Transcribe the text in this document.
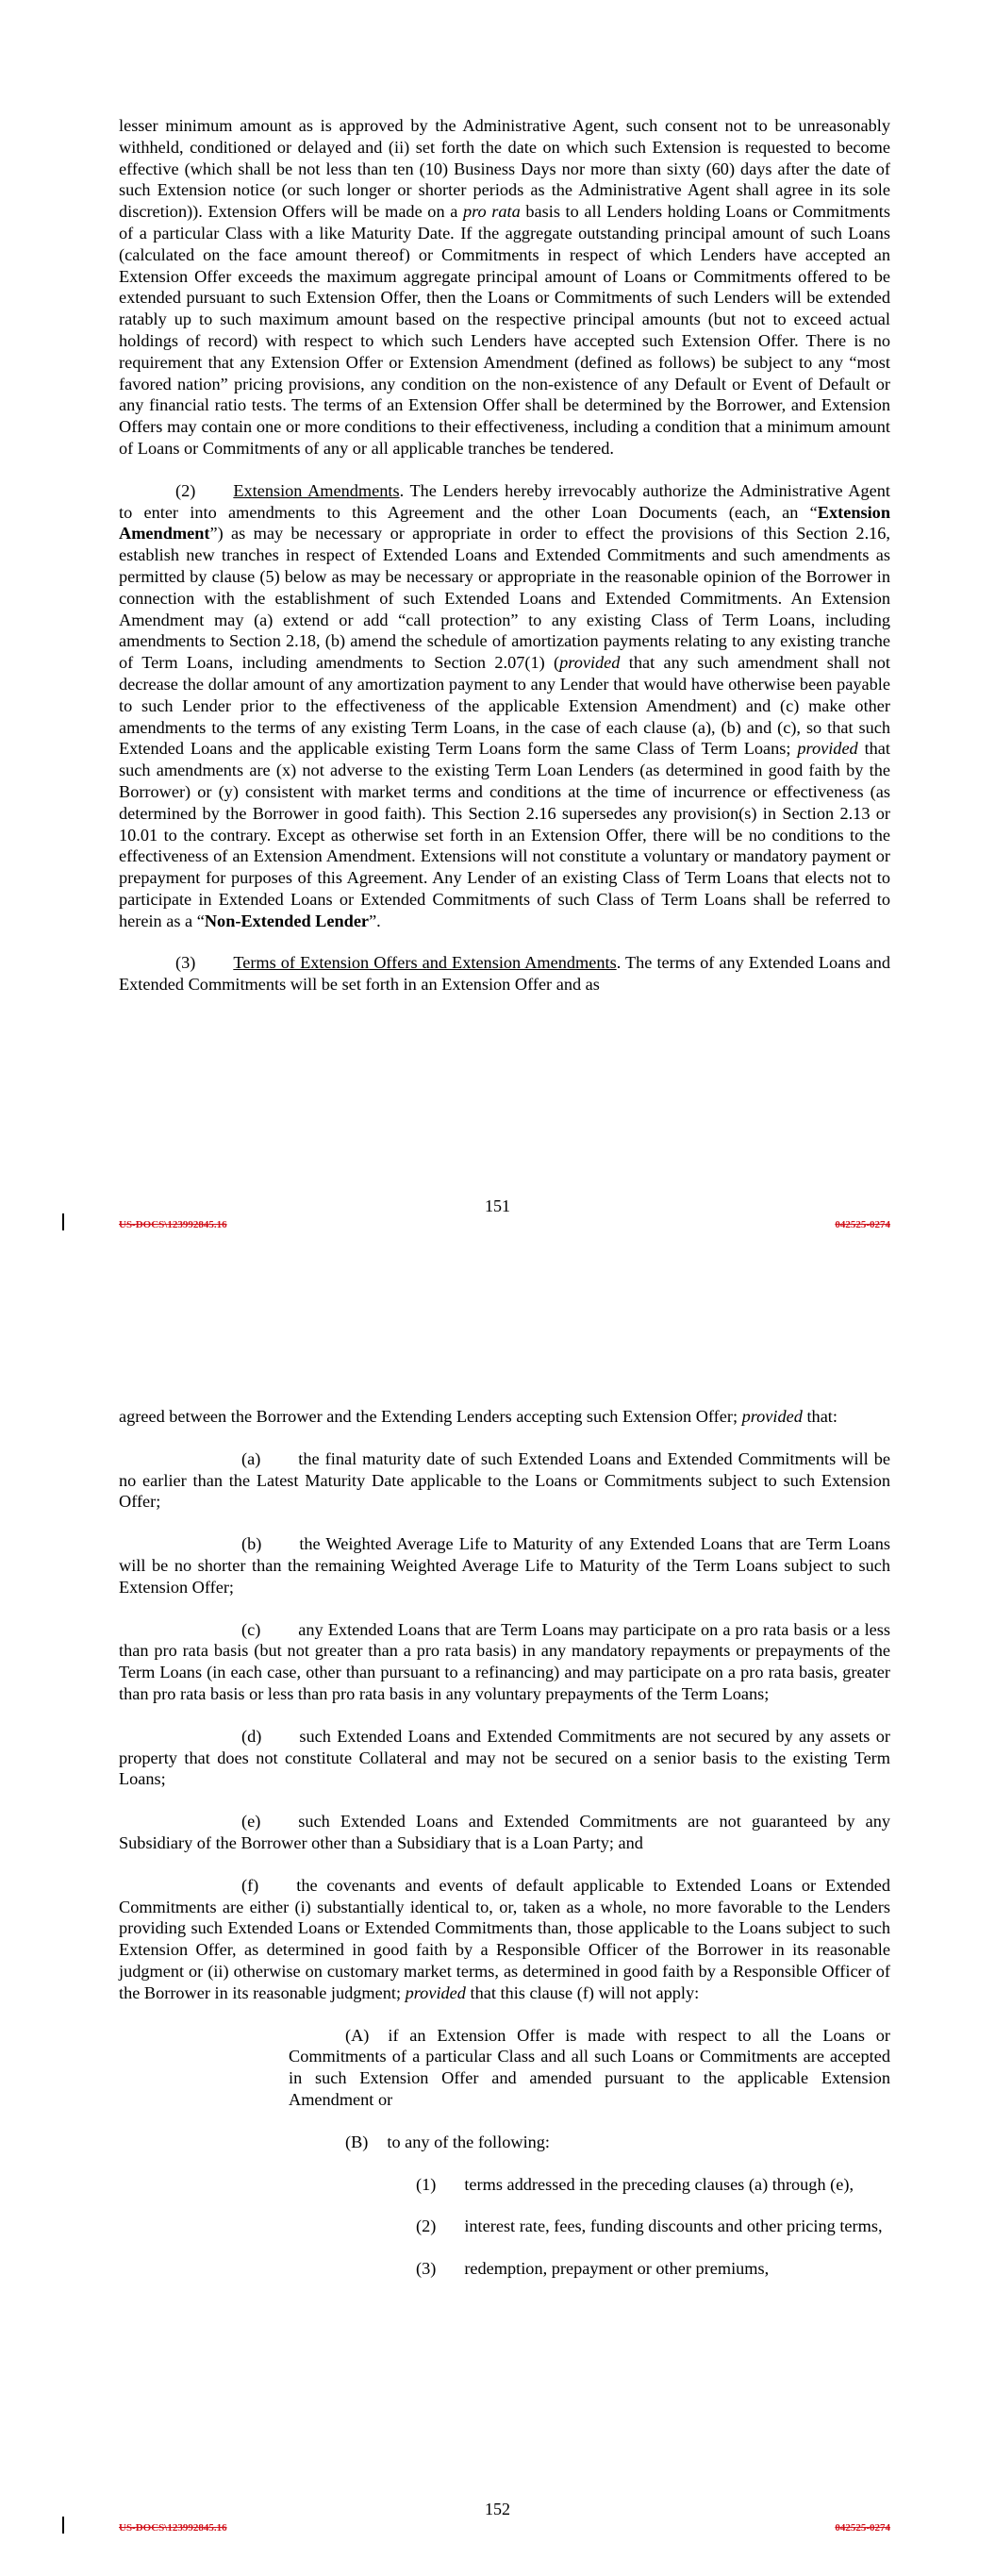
lesser minimum amount as is approved by the Administrative Agent, such consent not to be unreasonably withheld, conditioned or delayed and (ii) set forth the date on which such Extension is requested to become effective (which shall be not less than ten (10) Business Days nor more than sixty (60) days after the date of such Extension notice (or such longer or shorter periods as the Administrative Agent shall agree in its sole discretion)). Extension Offers will be made on a pro rata basis to all Lenders holding Loans or Commitments of a particular Class with a like Maturity Date. If the aggregate outstanding principal amount of such Loans (calculated on the face amount thereof) or Commitments in respect of which Lenders have accepted an Extension Offer exceeds the maximum aggregate principal amount of Loans or Commitments offered to be extended pursuant to such Extension Offer, then the Loans or Commitments of such Lenders will be extended ratably up to such maximum amount based on the respective principal amounts (but not to exceed actual holdings of record) with respect to which such Lenders have accepted such Extension Offer. There is no requirement that any Extension Offer or Extension Amendment (defined as follows) be subject to any “most favored nation” pricing provisions, any condition on the non-existence of any Default or Event of Default or any financial ratio tests. The terms of an Extension Offer shall be determined by the Borrower, and Extension Offers may contain one or more conditions to their effectiveness, including a condition that a minimum amount of Loans or Commitments of any or all applicable tranches be tendered.

(2) Extension Amendments. The Lenders hereby irrevocably authorize the Administrative Agent to enter into amendments to this Agreement and the other Loan Documents (each, an “Extension Amendment”) as may be necessary or appropriate in order to effect the provisions of this Section 2.16, establish new tranches in respect of Extended Loans and Extended Commitments and such amendments as permitted by clause (5) below as may be necessary or appropriate in the reasonable opinion of the Borrower in connection with the establishment of such Extended Loans and Extended Commitments. An Extension Amendment may (a) extend or add “call protection” to any existing Class of Term Loans, including amendments to Section 2.18, (b) amend the schedule of amortization payments relating to any existing tranche of Term Loans, including amendments to Section 2.07(1) (provided that any such amendment shall not decrease the dollar amount of any amortization payment to any Lender that would have otherwise been payable to such Lender prior to the effectiveness of the applicable Extension Amendment) and (c) make other amendments to the terms of any existing Term Loans, in the case of each clause (a), (b) and (c), so that such Extended Loans and the applicable existing Term Loans form the same Class of Term Loans; provided that such amendments are (x) not adverse to the existing Term Loan Lenders (as determined in good faith by the Borrower) or (y) consistent with market terms and conditions at the time of incurrence or effectiveness (as determined by the Borrower in good faith). This Section 2.16 supersedes any provision(s) in Section 2.13 or 10.01 to the contrary. Except as otherwise set forth in an Extension Offer, there will be no conditions to the effectiveness of an Extension Amendment. Extensions will not constitute a voluntary or mandatory payment or prepayment for purposes of this Agreement. Any Lender of an existing Class of Term Loans that elects not to participate in Extended Loans or Extended Commitments of such Class of Term Loans shall be referred to herein as a “Non-Extended Lender”.

(3) Terms of Extension Offers and Extension Amendments. The terms of any Extended Loans and Extended Commitments will be set forth in an Extension Offer and as

151
US-DOCS\123992845.16	042525-0274

agreed between the Borrower and the Extending Lenders accepting such Extension Offer; provided that:

(a) the final maturity date of such Extended Loans and Extended Commitments will be no earlier than the Latest Maturity Date applicable to the Loans or Commitments subject to such Extension Offer;

(b) the Weighted Average Life to Maturity of any Extended Loans that are Term Loans will be no shorter than the remaining Weighted Average Life to Maturity of the Term Loans subject to such Extension Offer;

(c) any Extended Loans that are Term Loans may participate on a pro rata basis or a less than pro rata basis (but not greater than a pro rata basis) in any mandatory repayments or prepayments of the Term Loans (in each case, other than pursuant to a refinancing) and may participate on a pro rata basis, greater than pro rata basis or less than pro rata basis in any voluntary prepayments of the Term Loans;

(d) such Extended Loans and Extended Commitments are not secured by any assets or property that does not constitute Collateral and may not be secured on a senior basis to the existing Term Loans;

(e) such Extended Loans and Extended Commitments are not guaranteed by any Subsidiary of the Borrower other than a Subsidiary that is a Loan Party; and

(f) the covenants and events of default applicable to Extended Loans or Extended Commitments are either (i) substantially identical to, or, taken as a whole, no more favorable to the Lenders providing such Extended Loans or Extended Commitments than, those applicable to the Loans subject to such Extension Offer, as determined in good faith by a Responsible Officer of the Borrower in its reasonable judgment or (ii) otherwise on customary market terms, as determined in good faith by a Responsible Officer of the Borrower in its reasonable judgment; provided that this clause (f) will not apply:

(A) if an Extension Offer is made with respect to all the Loans or Commitments of a particular Class and all such Loans or Commitments are accepted in such Extension Offer and amended pursuant to the applicable Extension Amendment or

(B) to any of the following:

(1) terms addressed in the preceding clauses (a) through (e),

(2) interest rate, fees, funding discounts and other pricing terms,

(3) redemption, prepayment or other premiums,

152
US-DOCS\123992845.16	042525-0274
